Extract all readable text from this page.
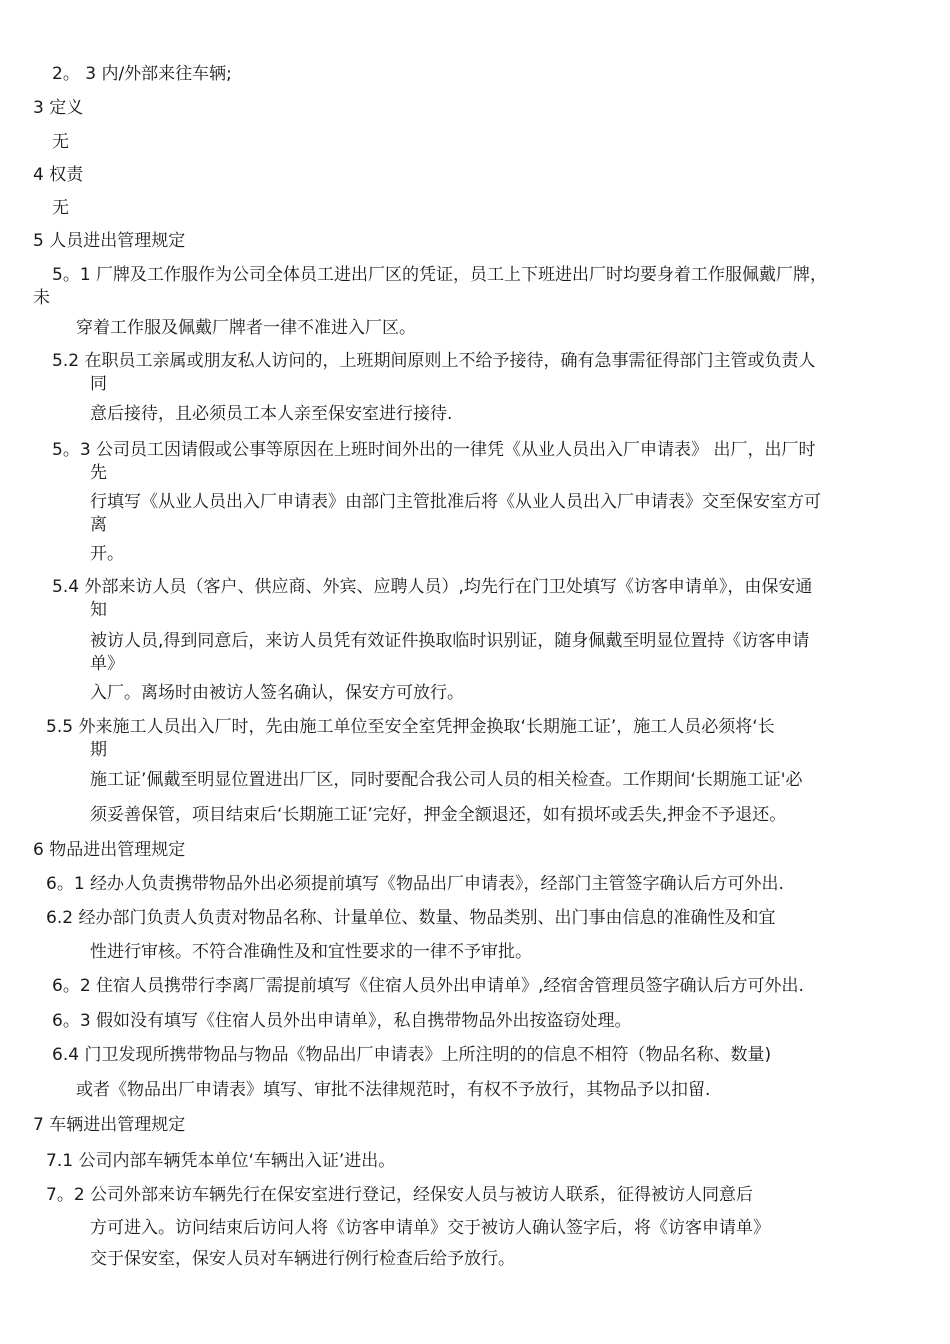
2。 3 内/外部来往车辆;
3 定义
无
4 权责
无
5 人员进出管理规定
5。1 厂牌及工作服作为公司全体员工进出厂区的凭证，员工上下班进出厂时均要身着工作服佩戴厂牌，
未
穿着工作服及佩戴厂牌者一律不准进入厂区。
5.2 在职员工亲属或朋友私人访问的，上班期间原则上不给予接待，确有急事需征得部门主管或负责人
同
意后接待，且必须员工本人亲至保安室进行接待.
5。3 公司员工因请假或公事等原因在上班时间外出的一律凭《从业人员出入厂申请表》 出厂，出厂时
先
行填写《从业人员出入厂申请表》由部门主管批准后将《从业人员出入厂申请表》交至保安室方可
离
开。
5.4 外部来访人员（客户、供应商、外宾、应聘人员）,均先行在门卫处填写《访客申请单》，由保安通
知
被访人员,得到同意后，来访人员凭有效证件换取临时识别证，随身佩戴至明显位置持《访客申请
单》
入厂。离场时由被访人签名确认，保安方可放行。
5.5 外来施工人员出入厂时，先由施工单位至安全室凭押金换取‘长期施工证’，施工人员必须将‘长
期
施工证’佩戴至明显位置进出厂区，同时要配合我公司人员的相关检查。工作期间‘长期施工证'必
须妥善保管，项目结束后‘长期施工证’完好，押金全额退还，如有损坏或丢失,押金不予退还。
6 物品进出管理规定
6。1 经办人负责携带物品外出必须提前填写《物品出厂申请表》，经部门主管签字确认后方可外出.
6.2 经办部门负责人负责对物品名称、计量单位、数量、物品类别、出门事由信息的准确性及和宜
性进行审核。不符合准确性及和宜性要求的一律不予审批。
6。2 住宿人员携带行李离厂需提前填写《住宿人员外出申请单》,经宿舍管理员签字确认后方可外出.
6。3 假如没有填写《住宿人员外出申请单》，私自携带物品外出按盗窃处理。
6.4 门卫发现所携带物品与物品《物品出厂申请表》上所注明的的信息不相符（物品名称、数量)
或者《物品出厂申请表》填写、审批不法律规范时，有权不予放行，其物品予以扣留.
7 车辆进出管理规定
7.1 公司内部车辆凭本单位‘车辆出入证’进出。
7。2 公司外部来访车辆先行在保安室进行登记，经保安人员与被访人联系，征得被访人同意后
方可进入。访问结束后访问人将《访客申请单》交于被访人确认签字后，将《访客申请单》
交于保安室，保安人员对车辆进行例行检查后给予放行。
